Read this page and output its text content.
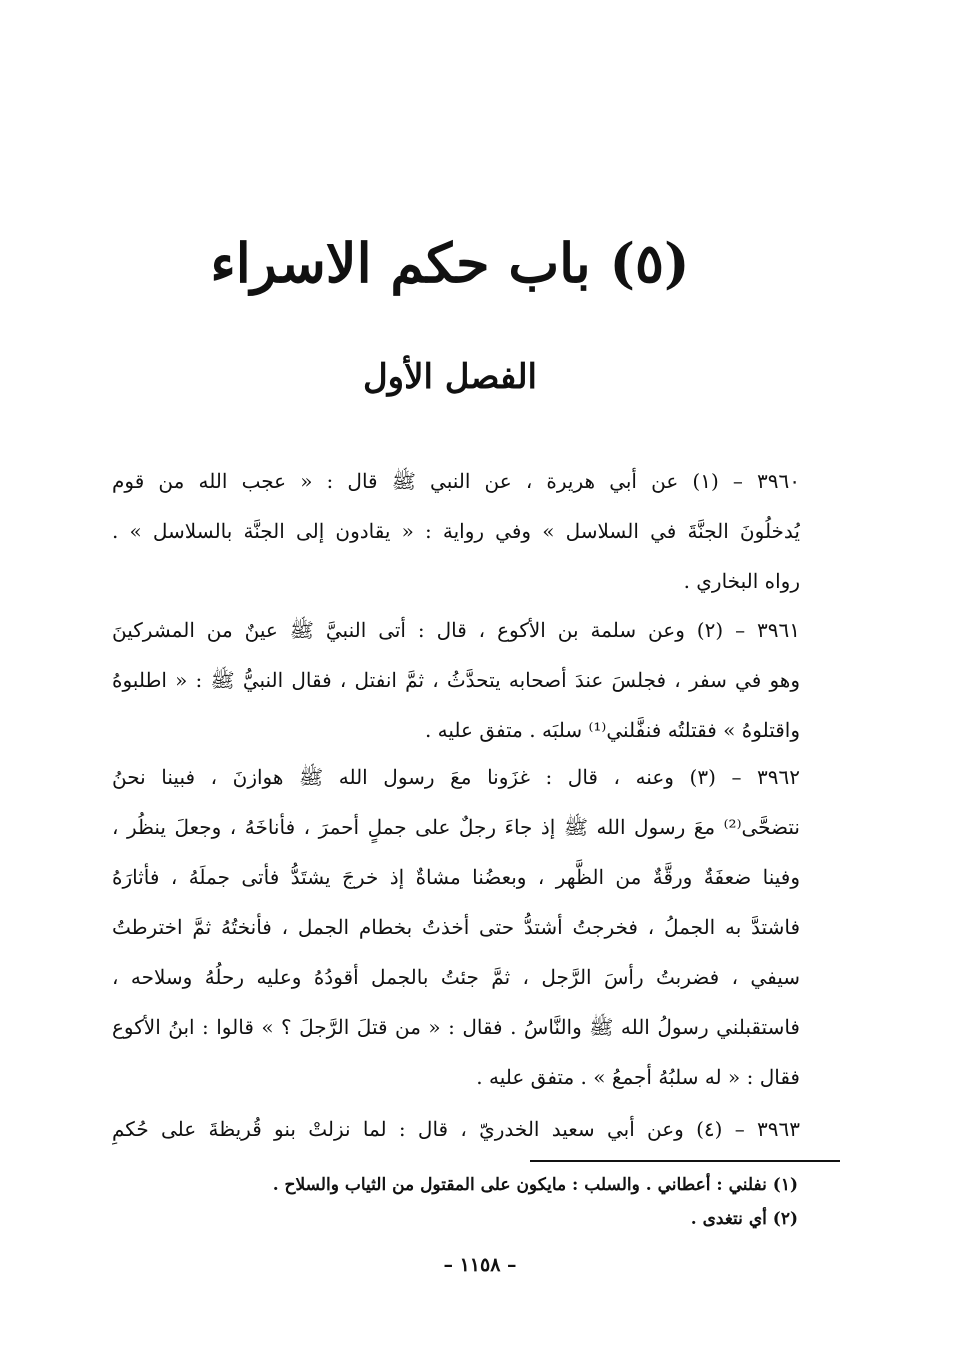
(٥) باب حكم الاسراء
الفصل الأول
٣٩٦٠ – (١) عن أبي هريرة ، عن النبي ﷺ قال : « عجب الله من قوم
يُدخلُونَ الجنَّةَ في السلاسل » وفي رواية : « يقادون إلى الجنَّة بالسلاسل » .
رواه البخاري .
٣٩٦١ – (٢) وعن سلمة بن الأكوع ، قال : أتى النبيَّ ﷺ عينٌ من المشركينَ
وهو في سفر ، فجلسَ عندَ أصحابه يتحدَّثُ ، ثمَّ انفتل ، فقال النبيُّ ﷺ : « اطلبوهُ
واقتلوهُ » فقتلتُه فنفَّلني⁽¹⁾ سلبَه . متفق عليه .
٣٩٦٢ – (٣) وعنه ، قال : غزَونا معَ رسول الله ﷺ هوازنَ ، فبينا نحنُ
نتضحَّى⁽²⁾ معَ رسول الله ﷺ إذ جاءَ رجلٌ على جملٍ أحمرَ ، فأناخَهُ ، وجعلَ ينظُر ،
وفينا ضعفَةٌ ورقَّةٌ من الظَّهر ، وبعضُنا مشاةٌ إذ خرجَ يشتَدُّ فأتى جملَهُ ، فأثارَهُ
فاشتدَّ به الجملُ ، فخرجتُ أشتدُّ حتى أخذتُ بخطام الجمل ، فأنختُهُ ثمَّ اخترطتُ
سيفي ، فضربتُ رأسَ الرَّجل ، ثمَّ جئتُ بالجمل أقودُهُ وعليه رحلُهُ وسلاحه ،
فاستقبلني رسولُ الله ﷺ والنَّاسُ . فقال : « من قتلَ الرَّجلَ ؟ » قالوا : ابنُ الأكوع
فقال : « له سلبُهُ أجمعُ » . متفق عليه .
٣٩٦٣ – (٤) وعن أبي سعيد الخدريّ ، قال : لما نزلتْ بنو قُريظةَ على حُكمِ
(١) نفلني : أعطاني . والسلب : مايكون على المقتول من الثياب والسلاح .
(٢) أي نتغدى .
– ١١٥٨ –
